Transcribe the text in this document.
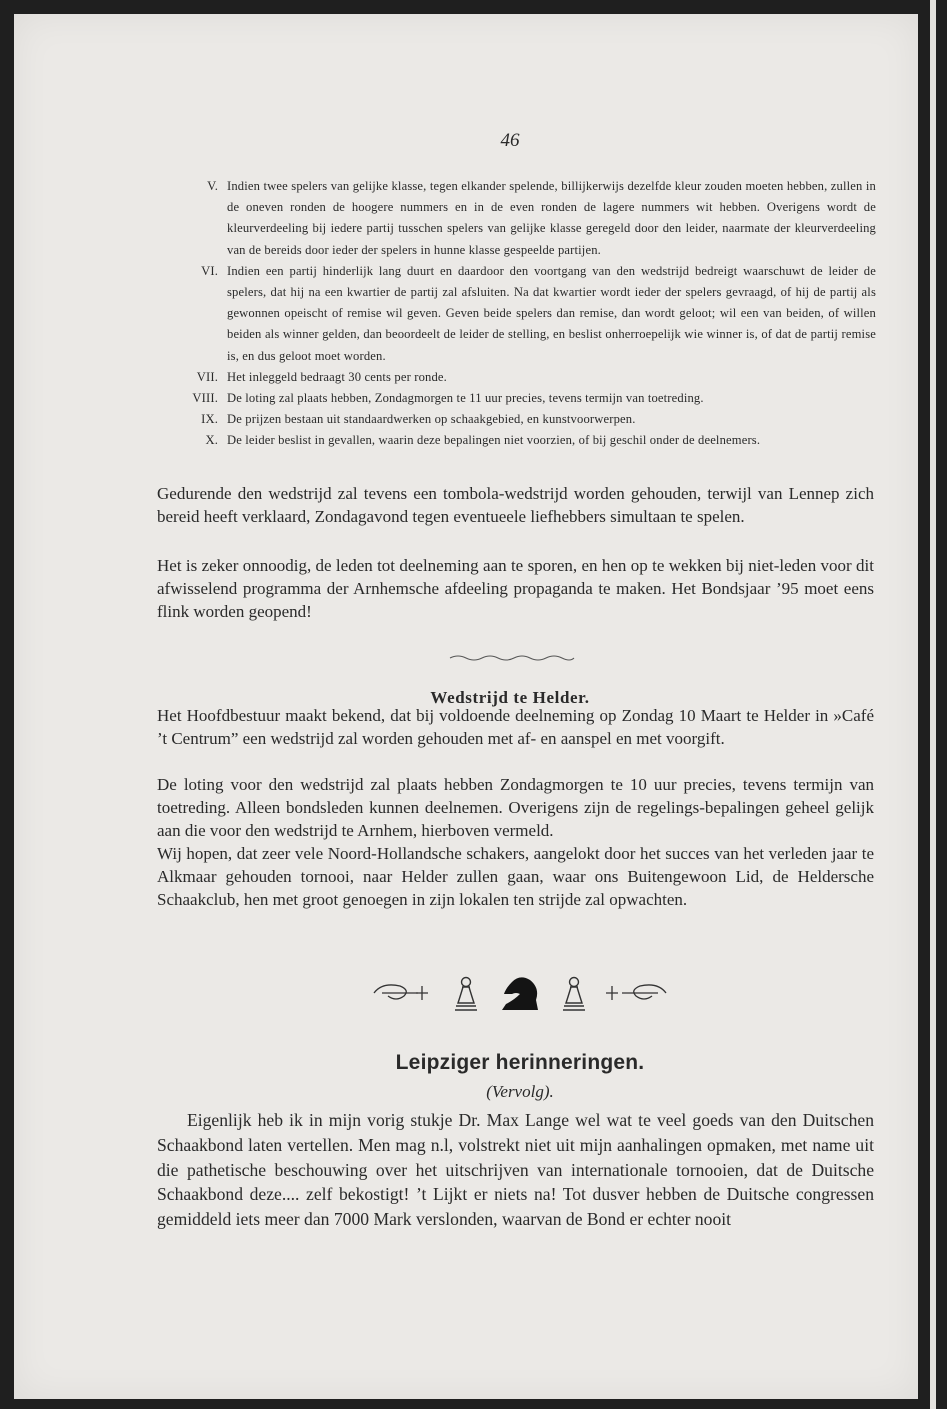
46
V. Indien twee spelers van gelijke klasse, tegen elkander spelende, billijkerwijs dezelfde kleur zouden moeten hebben, zullen in de oneven ronden de hoogere nummers en in de even ronden de lagere nummers wit hebben. Overigens wordt de kleurverdeeling bij iedere partij tusschen spelers van gelijke klasse geregeld door den leider, naarmate der kleurverdeeling van de bereids door ieder der spelers in hunne klasse gespeelde partijen.
VI. Indien een partij hinderlijk lang duurt en daardoor den voortgang van den wedstrijd bedreigt waarschuwt de leider de spelers, dat hij na een kwartier de partij zal afsluiten. Na dat kwartier wordt ieder der spelers gevraagd, of hij de partij als gewonnen opeischt of remise wil geven. Geven beide spelers dan remise, dan wordt geloot; wil een van beiden, of willen beiden als winner gelden, dan beoordeelt de leider de stelling, en beslist onherroepelijk wie winner is, of dat de partij remise is, en dus geloot moet worden.
VII. Het inleggeld bedraagt 30 cents per ronde.
VIII. De loting zal plaats hebben, Zondagmorgen te 11 uur precies, tevens termijn van toetreding.
IX. De prijzen bestaan uit standaardwerken op schaakgebied, en kunstvoorwerpen.
X. De leider beslist in gevallen, waarin deze bepalingen niet voorzien, of bij geschil onder de deelnemers.

Gedurende den wedstrijd zal tevens een tombola-wedstrijd worden gehouden, terwijl van Lennep zich bereid heeft verklaard, Zondagavond tegen eventueele liefhebbers simultaan te spelen.

Het is zeker onnoodig, de leden tot deelneming aan te sporen, en hen op te wekken bij niet-leden voor dit afwisselend programma der Arnhemsche afdeeling propaganda te maken. Het Bondsjaar ’95 moet eens flink worden geopend!

Wedstrijd te Helder.

Het Hoofdbestuur maakt bekend, dat bij voldoende deelneming op Zondag 10 Maart te Helder in »Café ’t Centrum” een wedstrijd zal worden gehouden met af- en aanspel en met voorgift.

De loting voor den wedstrijd zal plaats hebben Zondagmorgen te 10 uur precies, tevens termijn van toetreding. Alleen bondsleden kunnen deelnemen. Overigens zijn de regelings-bepalingen geheel gelijk aan die voor den wedstrijd te Arnhem, hierboven vermeld.

Wij hopen, dat zeer vele Noord-Hollandsche schakers, aangelokt door het succes van het verleden jaar te Alkmaar gehouden tornooi, naar Helder zullen gaan, waar ons Buitengewoon Lid, de Heldersche Schaakclub, hen met groot genoegen in zijn lokalen ten strijde zal opwachten.

Leipziger herinneringen.
(Vervolg).

Eigenlijk heb ik in mijn vorig stukje Dr. Max Lange wel wat te veel goeds van den Duitschen Schaakbond laten vertellen. Men mag n.l, volstrekt niet uit mijn aanhalingen opmaken, met name uit die pathetische beschouwing over het uitschrijven van internationale tornooien, dat de Duitsche Schaakbond deze.... zelf bekostigt! ’t Lijkt er niets na! Tot dusver hebben de Duitsche congressen gemiddeld iets meer dan 7000 Mark verslonden, waarvan de Bond er echter nooit
